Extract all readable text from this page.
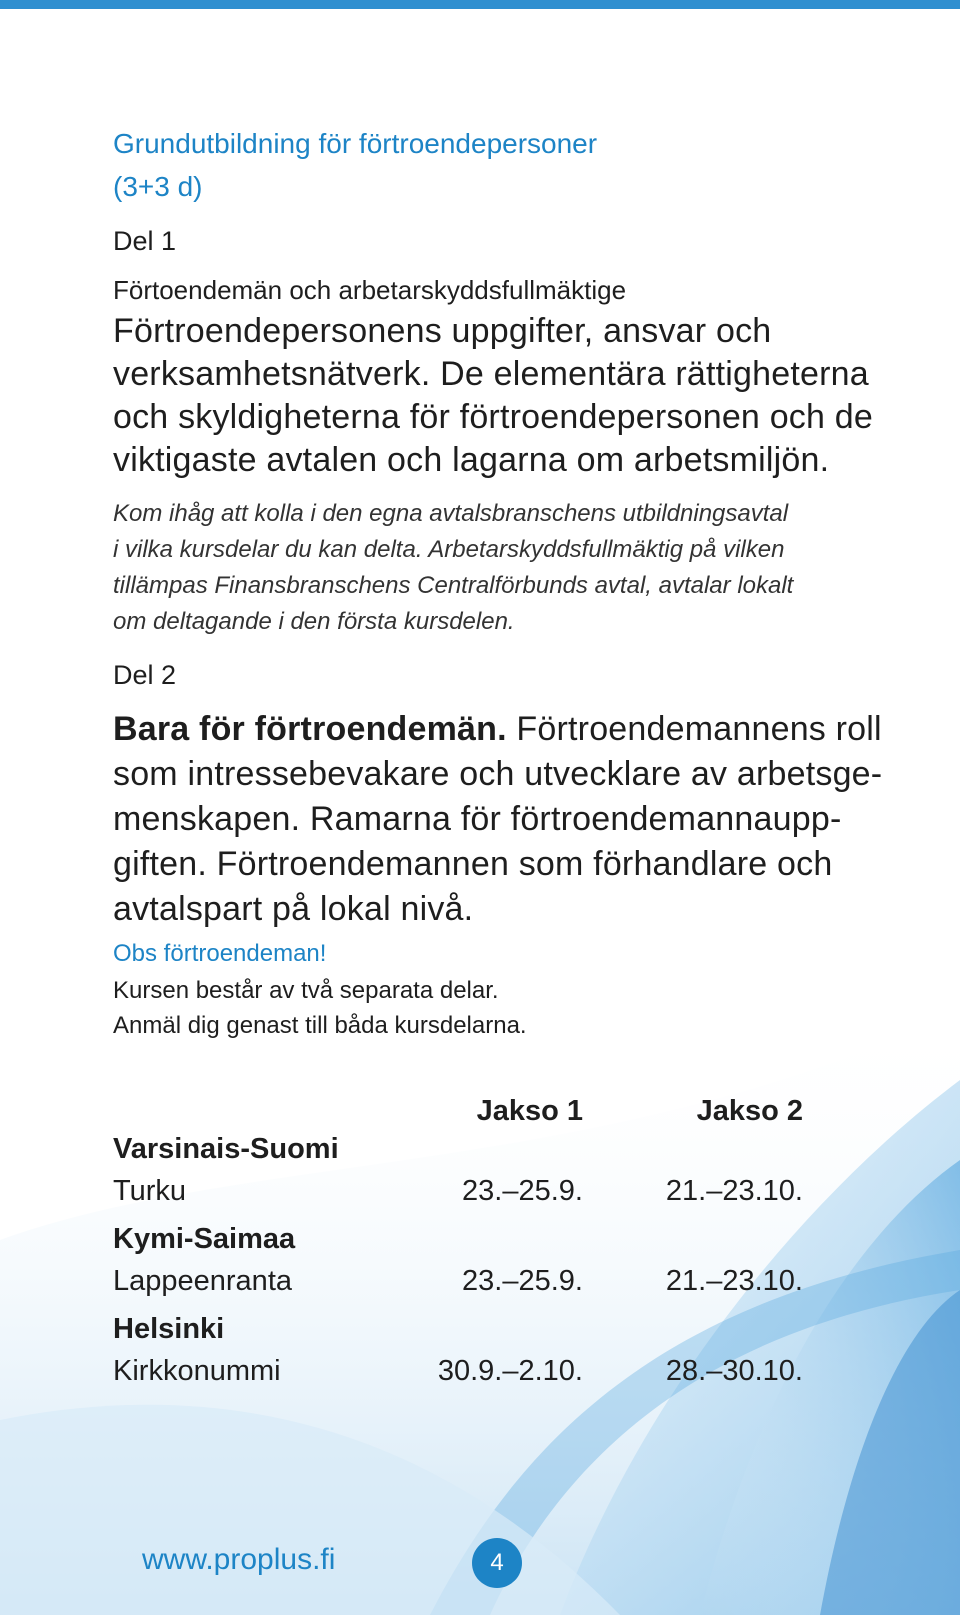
Grundutbildning för förtroendepersoner
(3+3 d)
Del 1
Förtoendemän och arbetarskyddsfullmäktige
Förtroendepersonens uppgifter, ansvar och
verksamhetsnätverk. De elementära rättigheterna
och skyldigheterna för förtroendepersonen och de
viktigaste avtalen och lagarna om arbetsmiljön.
Kom ihåg att kolla i den egna avtalsbranschens utbildningsavtal
i vilka kursdelar du kan delta. Arbetarskyddsfullmäktig på vilken
tillämpas Finansbranschens Centralförbunds avtal, avtalar lokalt
om deltagande i den första kursdelen.
Del 2
Bara för förtroendemän. Förtroendemannens roll
som intressebevakare och utvecklare av arbetsge-
menskapen. Ramarna för förtroendemannaupp-
giften. Förtroendemannen som förhandlare och
avtalspart på lokal nivå.
Obs förtroendeman!
Kursen består av två separata delar.
Anmäl dig genast till båda kursdelarna.
Jakso 1	Jakso 2
Varsinais-Suomi
Turku	23.–25.9.	21.–23.10.
Kymi-Saimaa
Lappeenranta	23.–25.9.	21.–23.10.
Helsinki
Kirkkonummi	30.9.–2.10.	28.–30.10.
www.proplus.fi	4
